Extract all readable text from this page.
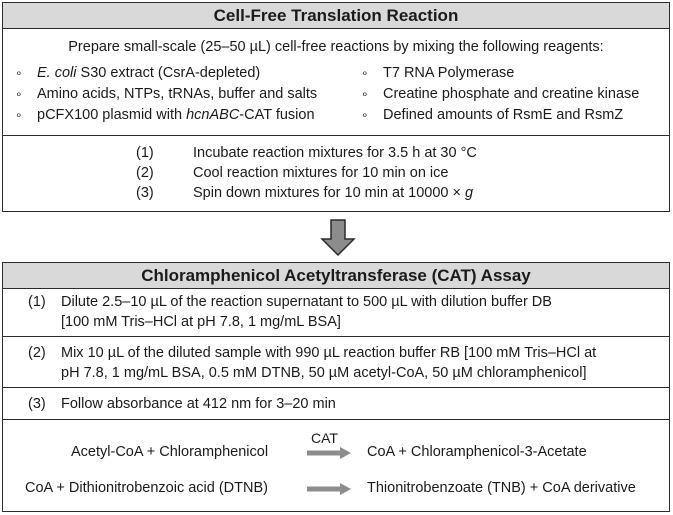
Cell-Free Translation Reaction
Prepare small-scale (25–50 µL) cell-free reactions by mixing the following reagents:
∘ E. coli S30 extract (CsrA-depleted)
∘ Amino acids, NTPs, tRNAs, buffer and salts
∘ pCFX100 plasmid with hcnABC-CAT fusion
∘ T7 RNA Polymerase
∘ Creatine phosphate and creatine kinase
∘ Defined amounts of RsmE and RsmZ
(1)	Incubate reaction mixtures for 3.5 h at 30 °C
(2)	Cool reaction mixtures for 10 min on ice
(3)	Spin down mixtures for 10 min at 10000 × g
Chloramphenicol Acetyltransferase (CAT) Assay
(1) Dilute 2.5–10 µL of the reaction supernatant to 500 µL with dilution buffer DB
[100 mM Tris–HCl at pH 7.8, 1 mg/mL BSA]
(2) Mix 10 µL of the diluted sample with 990 µL reaction buffer RB [100 mM Tris–HCl at
pH 7.8, 1 mg/mL BSA, 0.5 mM DTNB, 50 µM acetyl-CoA, 50 µM chloramphenicol]
(3) Follow absorbance at 412 nm for 3–20 min
Acetyl-CoA + Chloramphenicol
CAT
→ CoA + Chloramphenicol-3-Acetate
CoA + Dithionitrobenzoic acid (DTNB) → Thionitrobenzoate (TNB) + CoA derivative
